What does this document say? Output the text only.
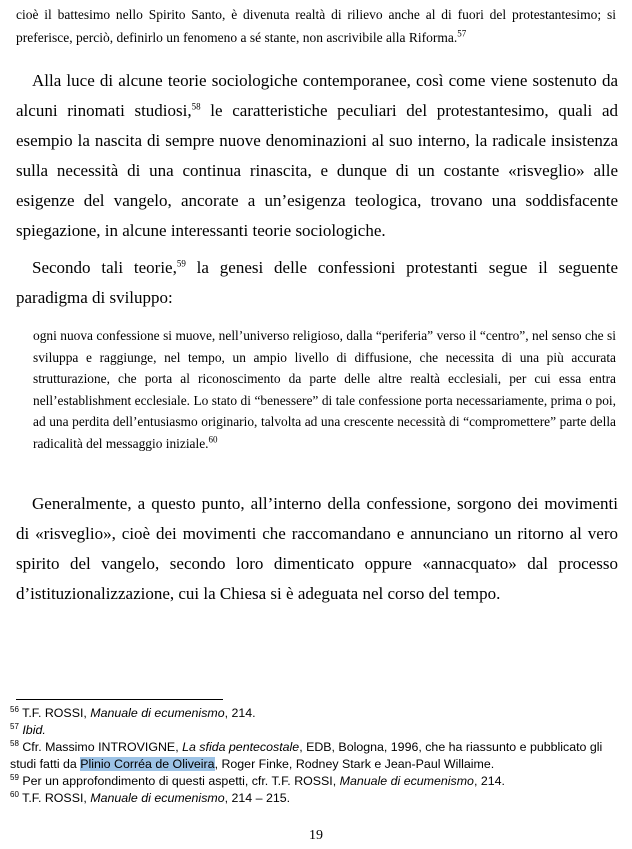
cioè il battesimo nello Spirito Santo, è divenuta realtà di rilievo anche al di fuori del protestantesimo; si preferisce, perciò, definirlo un fenomeno a sé stante, non ascrivibile alla Riforma.$^{57}$

Alla luce di alcune teorie sociologiche contemporanee, così come viene sostenuto da alcuni rinomati studiosi,$^{58}$ le caratteristiche peculiari del protestantesimo, quali ad esempio la nascita di sempre nuove denominazioni al suo interno, la radicale insistenza sulla necessità di una continua rinascita, e dunque di un costante «risveglio» alle esigenze del vangelo, ancorate a un’esigenza teologica, trovano una soddisfacente spiegazione, in alcune interessanti teorie sociologiche.

Secondo tali teorie,$^{59}$ la genesi delle confessioni protestanti segue il seguente paradigma di sviluppo:

ogni nuova confessione si muove, nell’universo religioso, dalla “periferia” verso il “centro”, nel senso che si sviluppa e raggiunge, nel tempo, un ampio livello di diffusione, che necessita di una più accurata strutturazione, che porta al riconoscimento da parte delle altre realtà ecclesiali, per cui essa entra nell’establishment ecclesiale. Lo stato di “benessere” di tale confessione porta necessariamente, prima o poi, ad una perdita dell’entusiasmo originario, talvolta ad una crescente necessità di “compromettere” parte della radicalità del messaggio iniziale.$^{60}$

Generalmente, a questo punto, all’interno della confessione, sorgono dei movimenti di «risveglio», cioè dei movimenti che raccomandano e annunciano un ritorno al vero spirito del vangelo, secondo loro dimenticato oppure «annacquato» dal processo d’istituzionalizzazione, cui la Chiesa si è adeguata nel corso del tempo.

$^{56}$ T.F. ROSSI, Manuale di ecumenismo, 214.

$^{57}$ Ibid.

$^{58}$ Cfr. Massimo INTROVIGNE, La sfida pentecostale, EDB, Bologna, 1996, che ha riassunto e pubblicato gli studi fatti da Plinio Corréa de Oliveira, Roger Finke, Rodney Stark e Jean-Paul Willaime.

$^{59}$ Per un approfondimento di questi aspetti, cfr. T.F. ROSSI, Manuale di ecumenismo, 214.

$^{60}$ T.F. ROSSI, Manuale di ecumenismo, 214 – 215.

19
